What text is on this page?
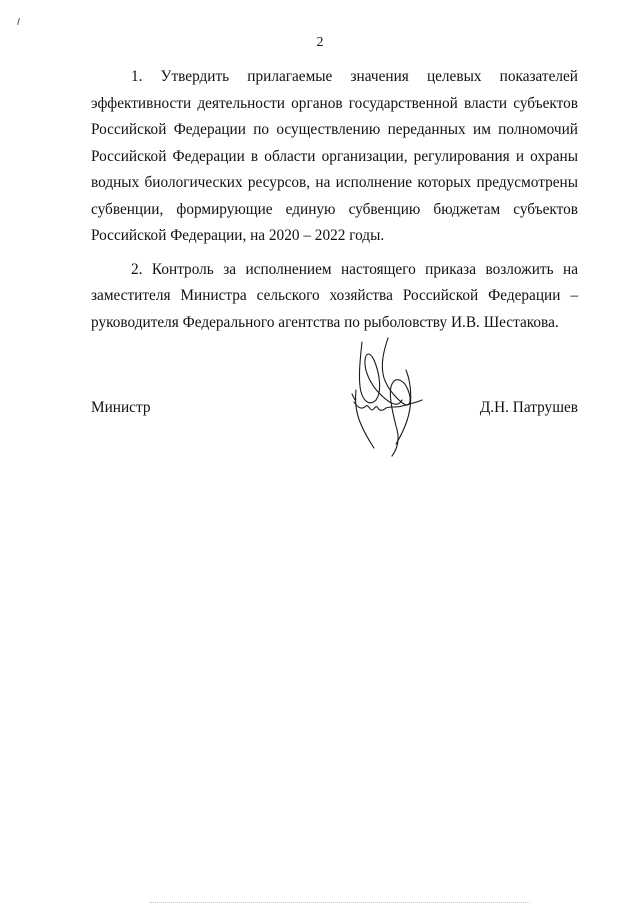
2

1. Утвердить прилагаемые значения целевых показателей эффективности деятельности органов государственной власти субъектов Российской Федерации по осуществлению переданных им полномочий Российской Федерации в области организации, регулирования и охраны водных биологических ресурсов, на исполнение которых предусмотрены субвенции, формирующие единую субвенцию бюджетам субъектов Российской Федерации, на 2020 – 2022 годы.

2. Контроль за исполнением настоящего приказа возложить на заместителя Министра сельского хозяйства Российской Федерации – руководителя Федерального агентства по рыболовству И.В. Шестакова.

Министр	Д.Н. Патрушев
